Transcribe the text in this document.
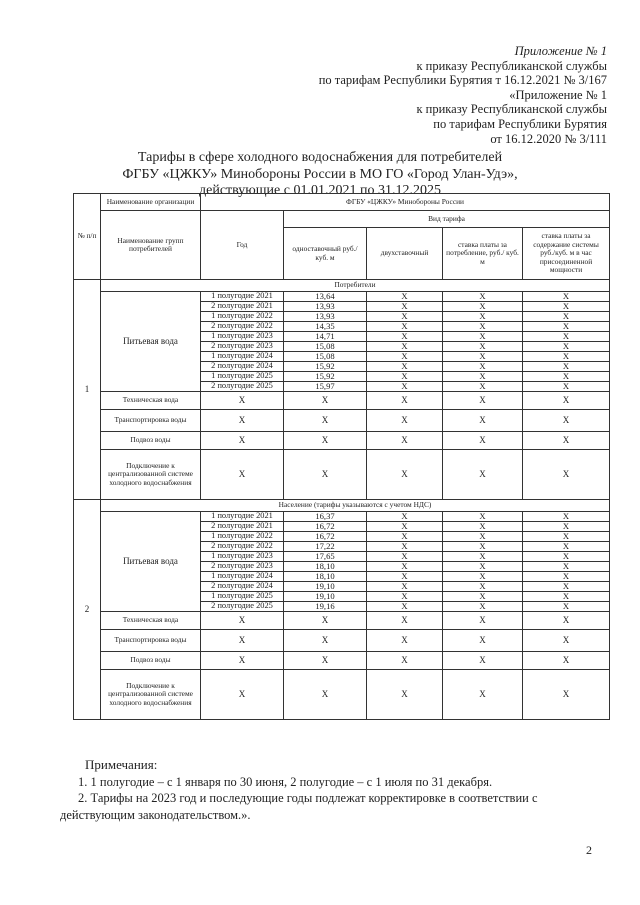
Приложение № 1
к приказу Республиканской службы
по тарифам Республики Бурятия т 16.12.2021 № 3/167
«Приложение № 1
к приказу Республиканской службы
по тарифам Республики Бурятия
от 16.12.2020 № 3/111
Тарифы в сфере холодного водоснабжения для потребителей
ФГБУ «ЦЖКУ» Минобороны России в МО ГО «Город Улан-Удэ»,
действующие с 01.01.2021 по 31.12.2025
№ п/п	Наименование организации	ФГБУ «ЦЖКУ» Минобороны России				
	Наименование групп потребителей	Год	Вид тарифа			
			одноставочный руб./ куб. м	двухставочный	ставка платы за потребление, руб./ куб. м	ставка платы за содержание системы руб./куб. м в час присоединенной мощности
1	Потребители					
	Питьевая вода	1 полугодие 2021	13,64	Х	Х	Х
		2 полугодие 2021	13,93	Х	Х	Х
		1 полугодие 2022	13,93	Х	Х	Х
		2 полугодие 2022	14,35	Х	Х	Х
		1 полугодие 2023	14,71	Х	Х	Х
		2 полугодие 2023	15,08	Х	Х	Х
		1 полугодие 2024	15,08	Х	Х	Х
		2 полугодие 2024	15,92	Х	Х	Х
		1 полугодие 2025	15,92	Х	Х	Х
		2 полугодие 2025	15,97	Х	Х	Х
	Техническая вода	Х	Х	Х	Х	Х
	Транспортировка воды	Х	Х	Х	Х	Х
	Подвоз воды	Х	Х	Х	Х	Х
	Подключение к централизованной системе холодного водоснабжения	Х	Х	Х	Х	Х
2	Население (тарифы указываются с учетом НДС)					
	Питьевая вода	1 полугодие 2021	16,37	Х	Х	Х
		2 полугодие 2021	16,72	Х	Х	Х
		1 полугодие 2022	16,72	Х	Х	Х
		2 полугодие 2022	17,22	Х	Х	Х
		1 полугодие 2023	17,65	Х	Х	Х
		2 полугодие 2023	18,10	Х	Х	Х
		1 полугодие 2024	18,10	Х	Х	Х
		2 полугодие 2024	19,10	Х	Х	Х
		1 полугодие 2025	19,10	Х	Х	Х
		2 полугодие 2025	19,16	Х	Х	Х
	Техническая вода	Х	Х	Х	Х	Х
	Транспортировка воды	Х	Х	Х	Х	Х
	Подвоз воды	Х	Х	Х	Х	Х
	Подключение к централизованной системе холодного водоснабжения	Х	Х	Х	Х	Х
Примечания:

1. 1 полугодие – с 1 января по 30 июня, 2 полугодие – с 1 июля по 31 декабря.

2. Тарифы на 2023 год и последующие годы подлежат корректировке в соответствии с действующим законодательством.».

2
